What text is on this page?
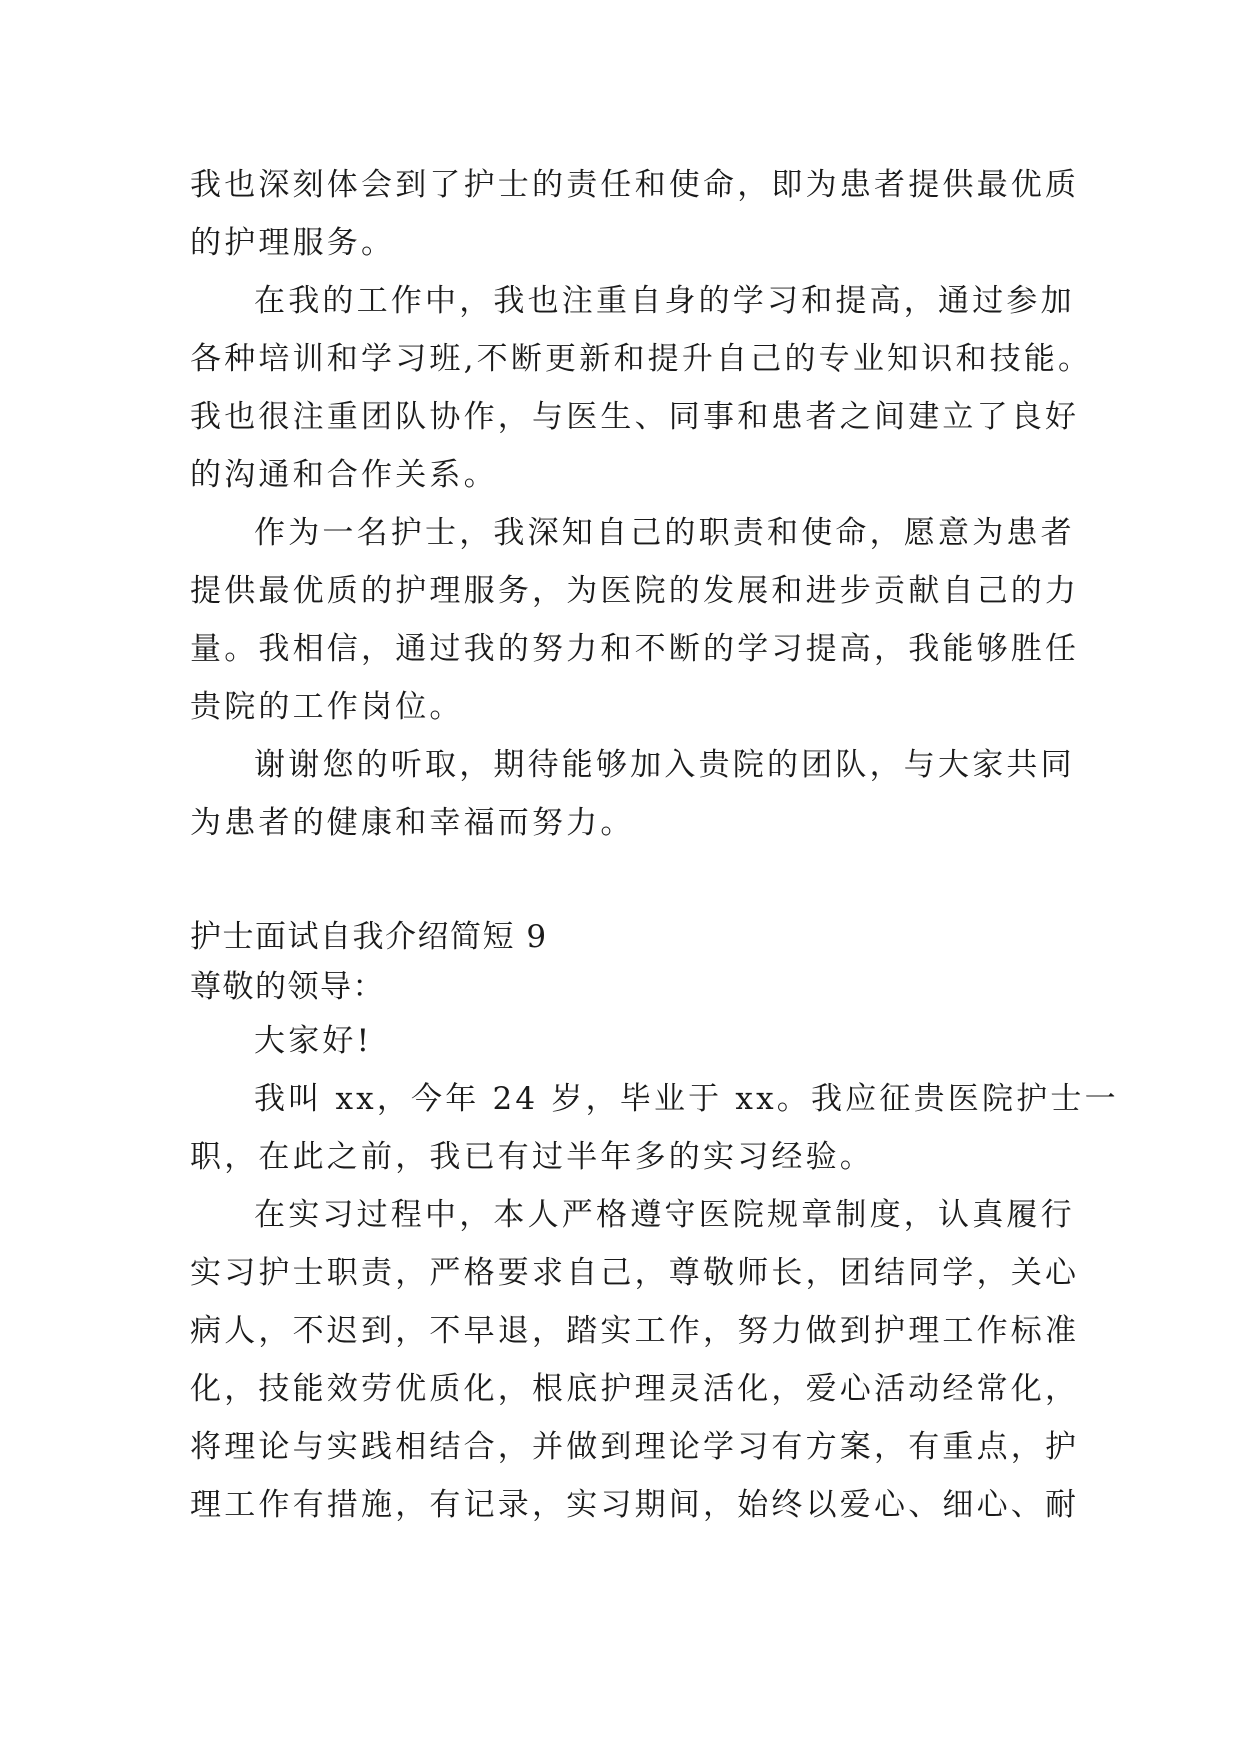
我也深刻体会到了护士的责任和使命，即为患者提供最优质
的护理服务。
在我的工作中，我也注重自身的学习和提高，通过参加
各种培训和学习班,不断更新和提升自己的专业知识和技能。
我也很注重团队协作，与医生、同事和患者之间建立了良好
的沟通和合作关系。
作为一名护士，我深知自己的职责和使命，愿意为患者
提供最优质的护理服务，为医院的发展和进步贡献自己的力
量。我相信，通过我的努力和不断的学习提高，我能够胜任
贵院的工作岗位。
谢谢您的听取，期待能够加入贵院的团队，与大家共同
为患者的健康和幸福而努力。
护士面试自我介绍简短 9
尊敬的领导：
大家好!
我叫 xx，今年 24 岁，毕业于 xx。我应征贵医院护士一
职，在此之前，我已有过半年多的实习经验。
在实习过程中，本人严格遵守医院规章制度，认真履行
实习护士职责，严格要求自己，尊敬师长，团结同学，关心
病人，不迟到，不早退，踏实工作，努力做到护理工作标准
化，技能效劳优质化，根底护理灵活化，爱心活动经常化，
将理论与实践相结合，并做到理论学习有方案，有重点，护
理工作有措施，有记录，实习期间，始终以爱心、细心、耐
